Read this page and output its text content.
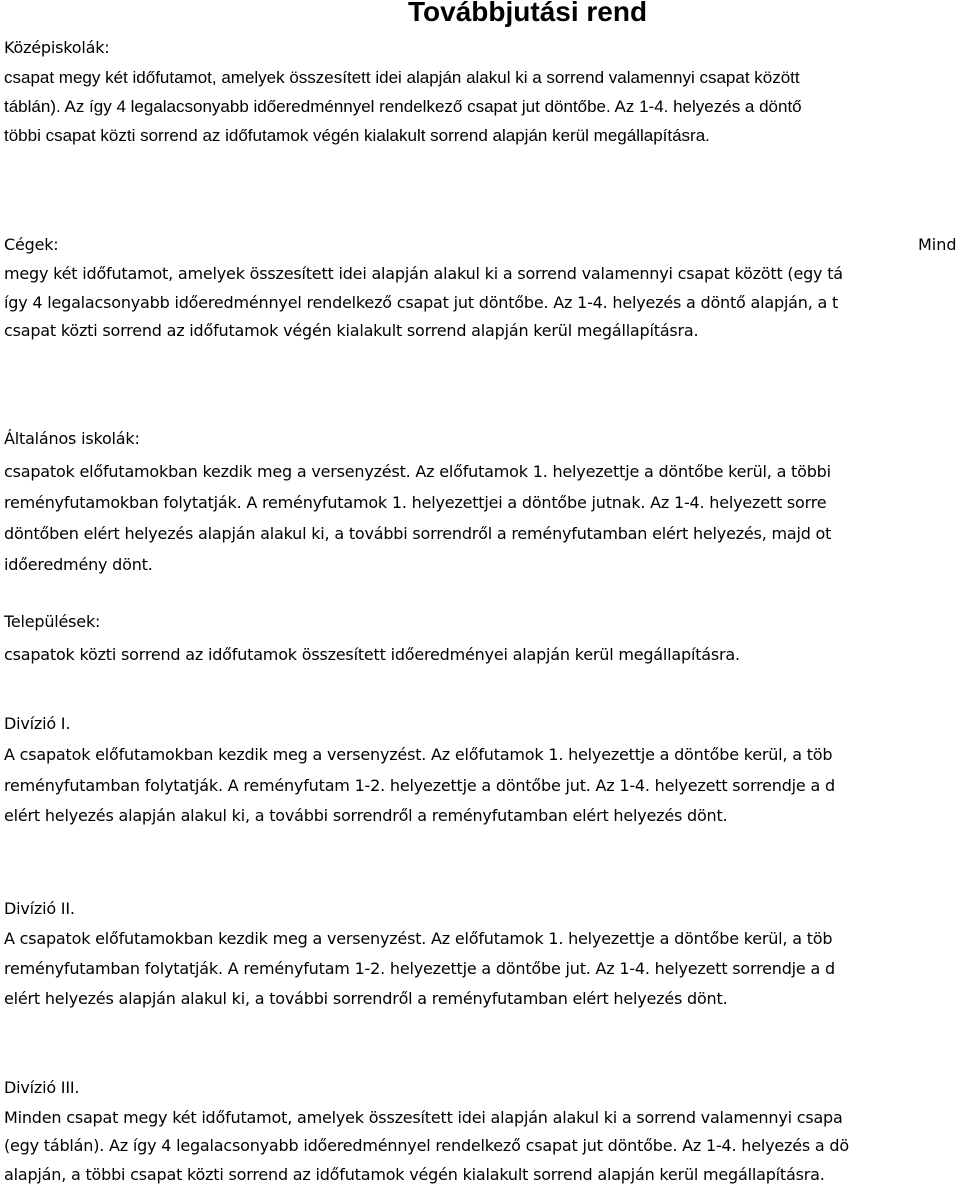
Továbbjutási rend
Középiskolák:
csapat megy két időfutamot, amelyek összesített idei alapján alakul ki a sorrend valamennyi csapat között
táblán). Az így 4 legalacsonyabb időeredménnyel rendelkező csapat jut döntőbe. Az 1-4. helyezés a döntő
többi csapat közti sorrend az időfutamok végén kialakult sorrend alapján kerül megállapításra.
Cégek:	Mind
megy két időfutamot, amelyek összesített idei alapján alakul ki a sorrend valamennyi csapat között (egy tá
így 4 legalacsonyabb időeredménnyel rendelkező csapat jut döntőbe. Az 1-4. helyezés a döntő alapján, a t
csapat közti sorrend az időfutamok végén kialakult sorrend alapján kerül megállapításra.
Általános iskolák:
csapatok előfutamokban kezdik meg a versenyzést. Az előfutamok 1. helyezettje a döntőbe kerül, a többi
reményfutamokban folytatják. A reményfutamok 1. helyezettjei a döntőbe jutnak. Az 1-4. helyezett sorre
döntőben elért helyezés alapján alakul ki, a további sorrendről a reményfutamban elért helyezés, majd ot
időeredmény dönt.
Települések:
csapatok közti sorrend az időfutamok összesített időeredményei alapján kerül megállapításra.
Divízió I.
A csapatok előfutamokban kezdik meg a versenyzést. Az előfutamok 1. helyezettje a döntőbe kerül, a töb
reményfutamban folytatják. A reményfutam 1-2. helyezettje a döntőbe jut. Az 1-4. helyezett sorrendje a d
elért helyezés alapján alakul ki, a további sorrendről a reményfutamban elért helyezés dönt.
Divízió II.
A csapatok előfutamokban kezdik meg a versenyzést. Az előfutamok 1. helyezettje a döntőbe kerül, a töb
reményfutamban folytatják. A reményfutam 1-2. helyezettje a döntőbe jut. Az 1-4. helyezett sorrendje a d
elért helyezés alapján alakul ki, a további sorrendről a reményfutamban elért helyezés dönt.
Divízió III.
Minden csapat megy két időfutamot, amelyek összesített idei alapján alakul ki a sorrend valamennyi csapa
(egy táblán). Az így 4 legalacsonyabb időeredménnyel rendelkező csapat jut döntőbe. Az 1-4. helyezés a dö
alapján, a többi csapat közti sorrend az időfutamok végén kialakult sorrend alapján kerül megállapításra.
